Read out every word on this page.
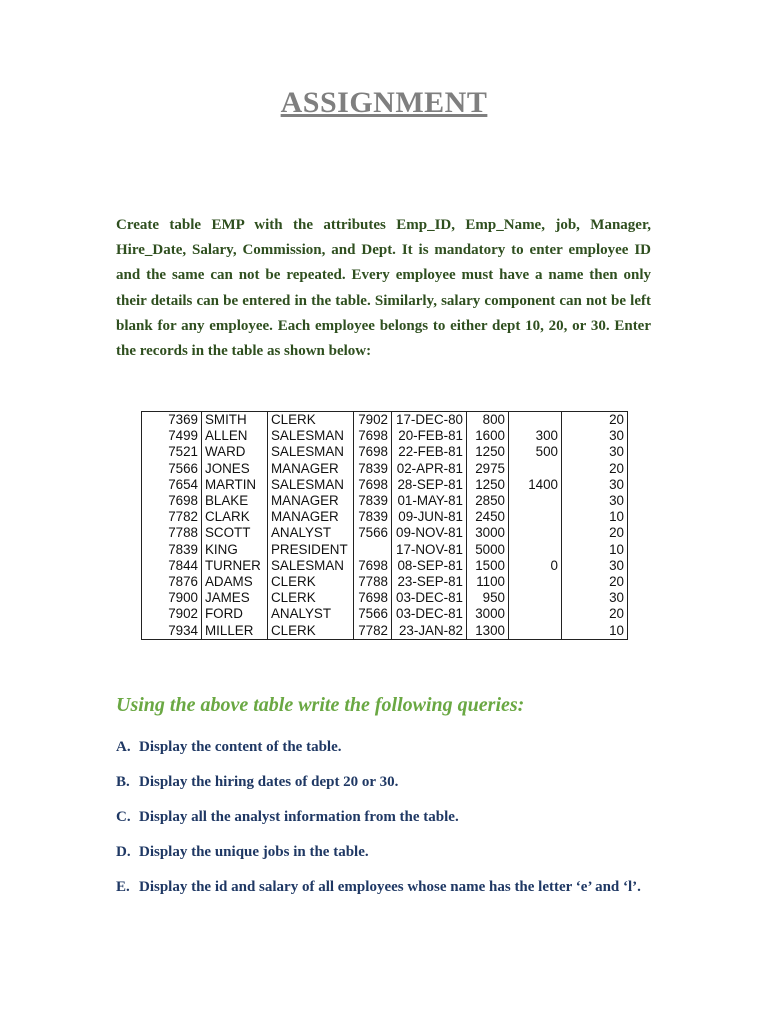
ASSIGNMENT

Create table EMP with the attributes Emp_ID, Emp_Name, job, Manager, Hire_Date, Salary, Commission, and Dept. It is mandatory to enter employee ID and the same can not be repeated. Every employee must have a name then only their details can be entered in the table. Similarly, salary component can not be left blank for any employee. Each employee belongs to either dept 10, 20, or 30. Enter the records in the table as shown below:

7369	SMITH	CLERK	7902	17-DEC-80	800		20
7499	ALLEN	SALESMAN	7698	20-FEB-81	1600	300	30
7521	WARD	SALESMAN	7698	22-FEB-81	1250	500	30
7566	JONES	MANAGER	7839	02-APR-81	2975		20
7654	MARTIN	SALESMAN	7698	28-SEP-81	1250	1400	30
7698	BLAKE	MANAGER	7839	01-MAY-81	2850		30
7782	CLARK	MANAGER	7839	09-JUN-81	2450		10
7788	SCOTT	ANALYST	7566	09-NOV-81	3000		20
7839	KING	PRESIDENT		17-NOV-81	5000		10
7844	TURNER	SALESMAN	7698	08-SEP-81	1500	0	30
7876	ADAMS	CLERK	7788	23-SEP-81	1100		20
7900	JAMES	CLERK	7698	03-DEC-81	950		30
7902	FORD	ANALYST	7566	03-DEC-81	3000		20
7934	MILLER	CLERK	7782	23-JAN-82	1300		10
Using the above table write the following queries:
A. Display the content of the table.
B. Display the hiring dates of dept 20 or 30.
C. Display all the analyst information from the table.
D. Display the unique jobs in the table.
E. Display the id and salary of all employees whose name has the letter ‘e’ and ‘l’.
